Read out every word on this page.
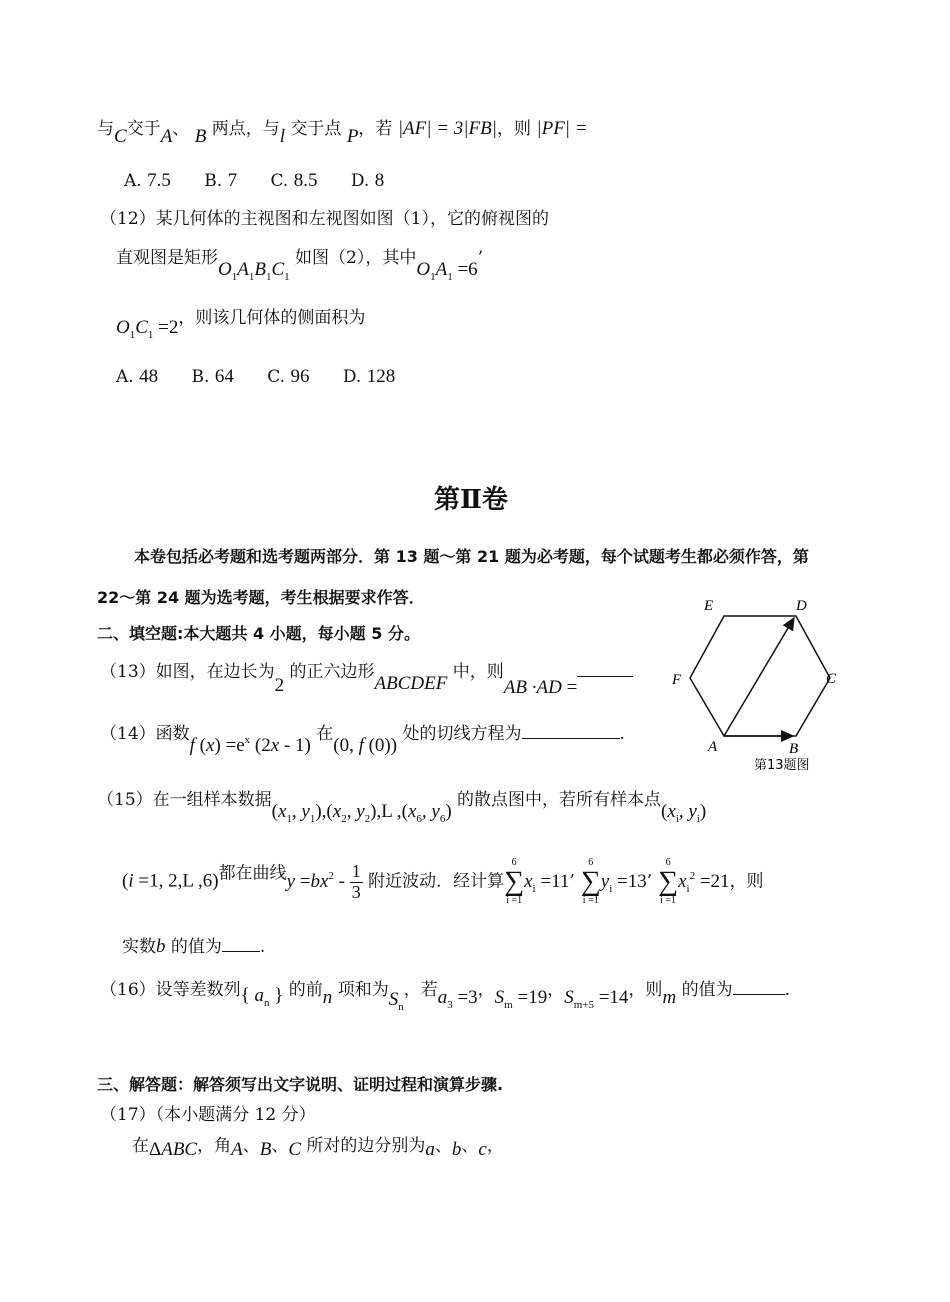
与C交于A、 B 两点，与l 交于点 P，若 |AF| = 3|FB|，则 |PF| =
A. 7.5 B. 7 C. 8.5 D. 8
（12）某几何体的主视图和左视图如图（1），它的俯视图的
直观图是矩形$O_1A_1B_1C_1$ 如图（2），其中$O_1A_1 =6$’
$O_1C_1 =2$，则该几何体的侧面积为
A. 48 B. 64 C. 96 D. 128
第Ⅱ卷
本卷包括必考题和选考题两部分．第 13 题～第 21 题为必考题，每个试题考生都必须作答，第
22～第 24 题为选考题，考生根据要求作答．
二、填空题:本大题共 4 小题，每小题 5 分。
（13）如图，在边长为2 的正六边形ABCDEF 中，则AB ·AD =
（14）函数f $(x) =e^x$ (2x - 1) 在(0, f (0)) 处的切线方程为	.
E	D
C
F
A	B
第13题图
（15）在一组样本数据($x_1$, $y_1),(x_2$, $y_2),L$ $,(x_6$, $y_6$) 的散点图中，若所有样本点($x_i$, $y_i$)
(i =1, 2,L ,6)都在曲线$y =bx^2 - \frac{1}{3}$ 附近波动．经计算
6
∑
i =1
$x_i =11$’
6
∑
i =1
$y_i =13$’
6
∑
i =1
$x_i^2 =21$，则
实数b 的值为 .
（16）设等差数列{ $a_n$ } 的前n 项和为$S_n$，若$a_3 =3$，$S_m =19$，$S_{m+5} =14$，则m 的值为	.
三、解答题：解答须写出文字说明、证明过程和演算步骤.
（17）（本小题满分 12 分）
在ΔABC，角A、B、C 所对的边分别为a、b、c，
